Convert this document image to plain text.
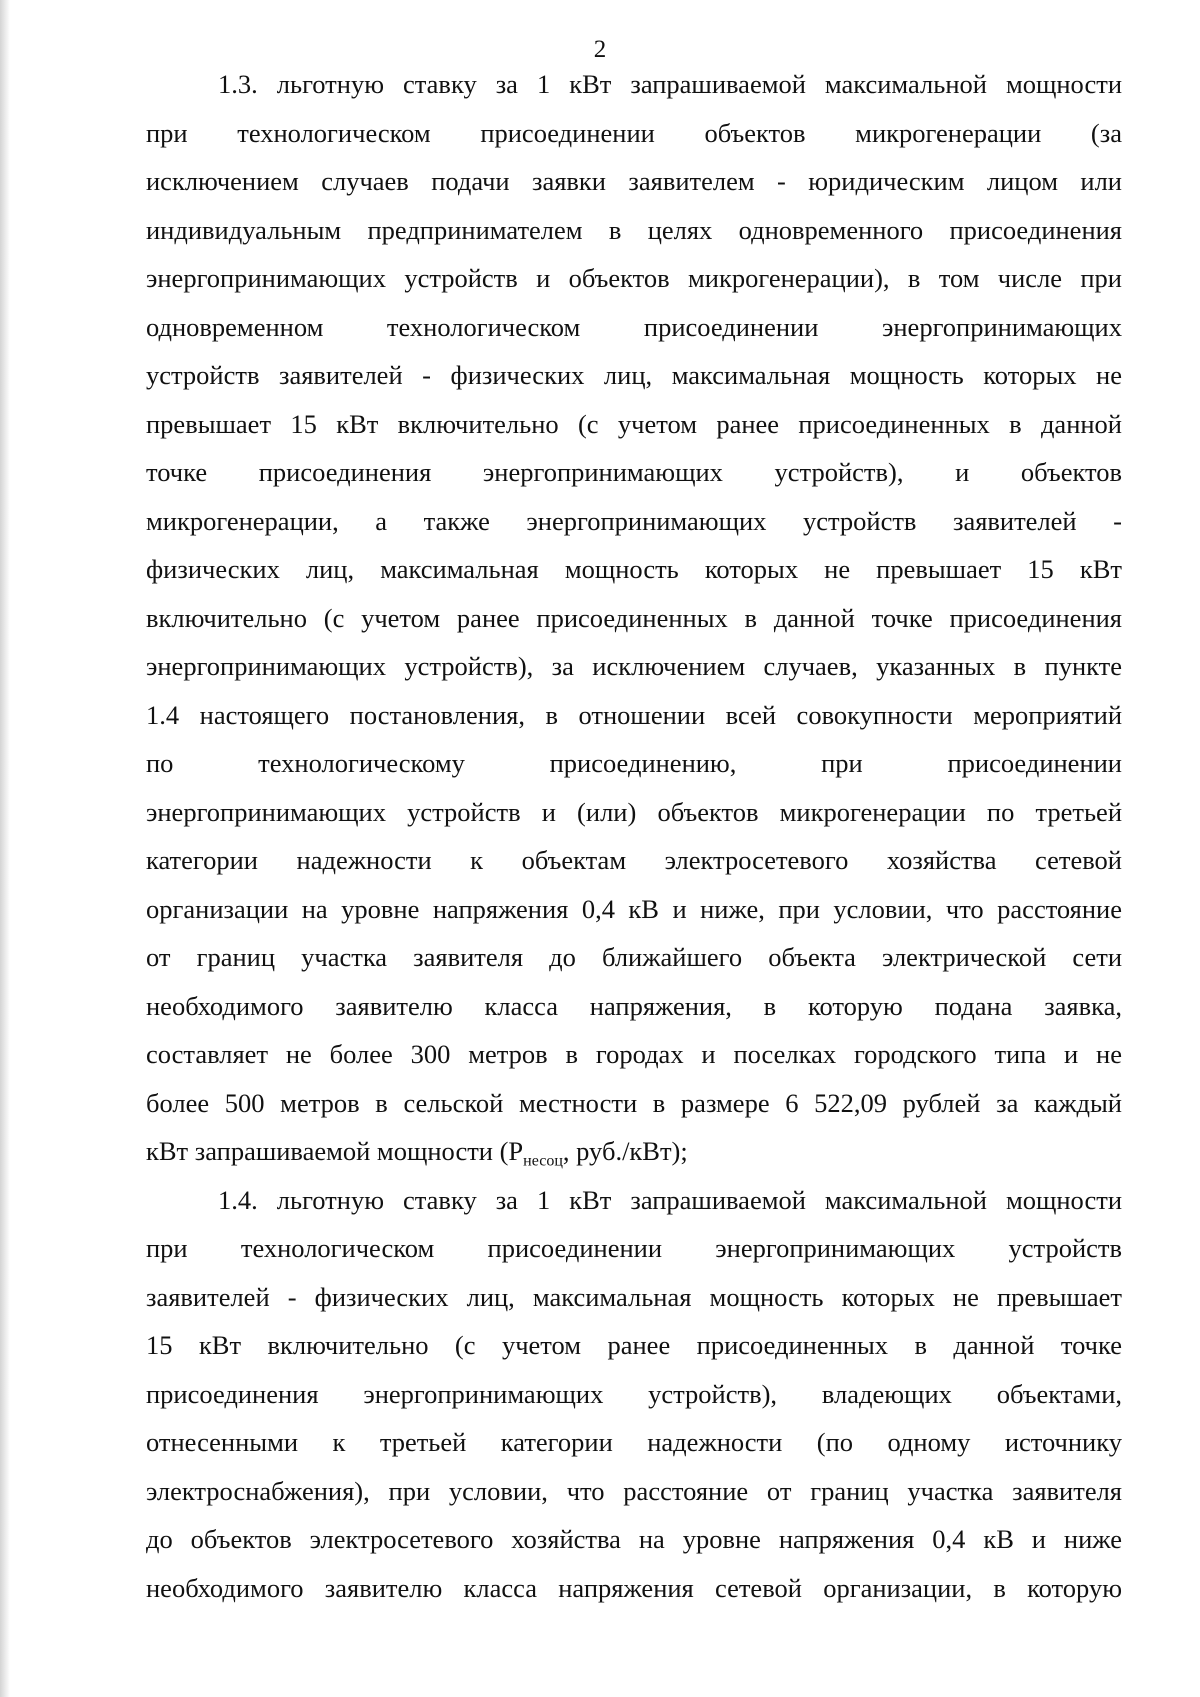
2

1.3. льготную ставку за 1 кВт запрашиваемой максимальной мощности
при технологическом присоединении объектов микрогенерации (за
исключением случаев подачи заявки заявителем - юридическим лицом или
индивидуальным предпринимателем в целях одновременного присоединения
энергопринимающих устройств и объектов микрогенерации), в том числе при
одновременном технологическом присоединении энергопринимающих
устройств заявителей - физических лиц, максимальная мощность которых не
превышает 15 кВт включительно (с учетом ранее присоединенных в данной
точке присоединения энергопринимающих устройств), и объектов
микрогенерации, а также энергопринимающих устройств заявителей -
физических лиц, максимальная мощность которых не превышает 15 кВт
включительно (с учетом ранее присоединенных в данной точке присоединения
энергопринимающих устройств), за исключением случаев, указанных в пункте
1.4 настоящего постановления, в отношении всей совокупности мероприятий
по технологическому присоединению, при присоединении
энергопринимающих устройств и (или) объектов микрогенерации по третьей
категории надежности к объектам электросетевого хозяйства сетевой
организации на уровне напряжения 0,4 кВ и ниже, при условии, что расстояние
от границ участка заявителя до ближайшего объекта электрической сети
необходимого заявителю класса напряжения, в которую подана заявка,
составляет не более 300 метров в городах и поселках городского типа и не
более 500 метров в сельской местности в размере 6 522,09 рублей за каждый
кВт запрашиваемой мощности ($P_{несоц}$, руб./кВт);

1.4. льготную ставку за 1 кВт запрашиваемой максимальной мощности
при технологическом присоединении энергопринимающих устройств
заявителей - физических лиц, максимальная мощность которых не превышает
15 кВт включительно (с учетом ранее присоединенных в данной точке
присоединения энергопринимающих устройств), владеющих объектами,
отнесенными к третьей категории надежности (по одному источнику
электроснабжения), при условии, что расстояние от границ участка заявителя
до объектов электросетевого хозяйства на уровне напряжения 0,4 кВ и ниже
необходимого заявителю класса напряжения сетевой организации, в которую
